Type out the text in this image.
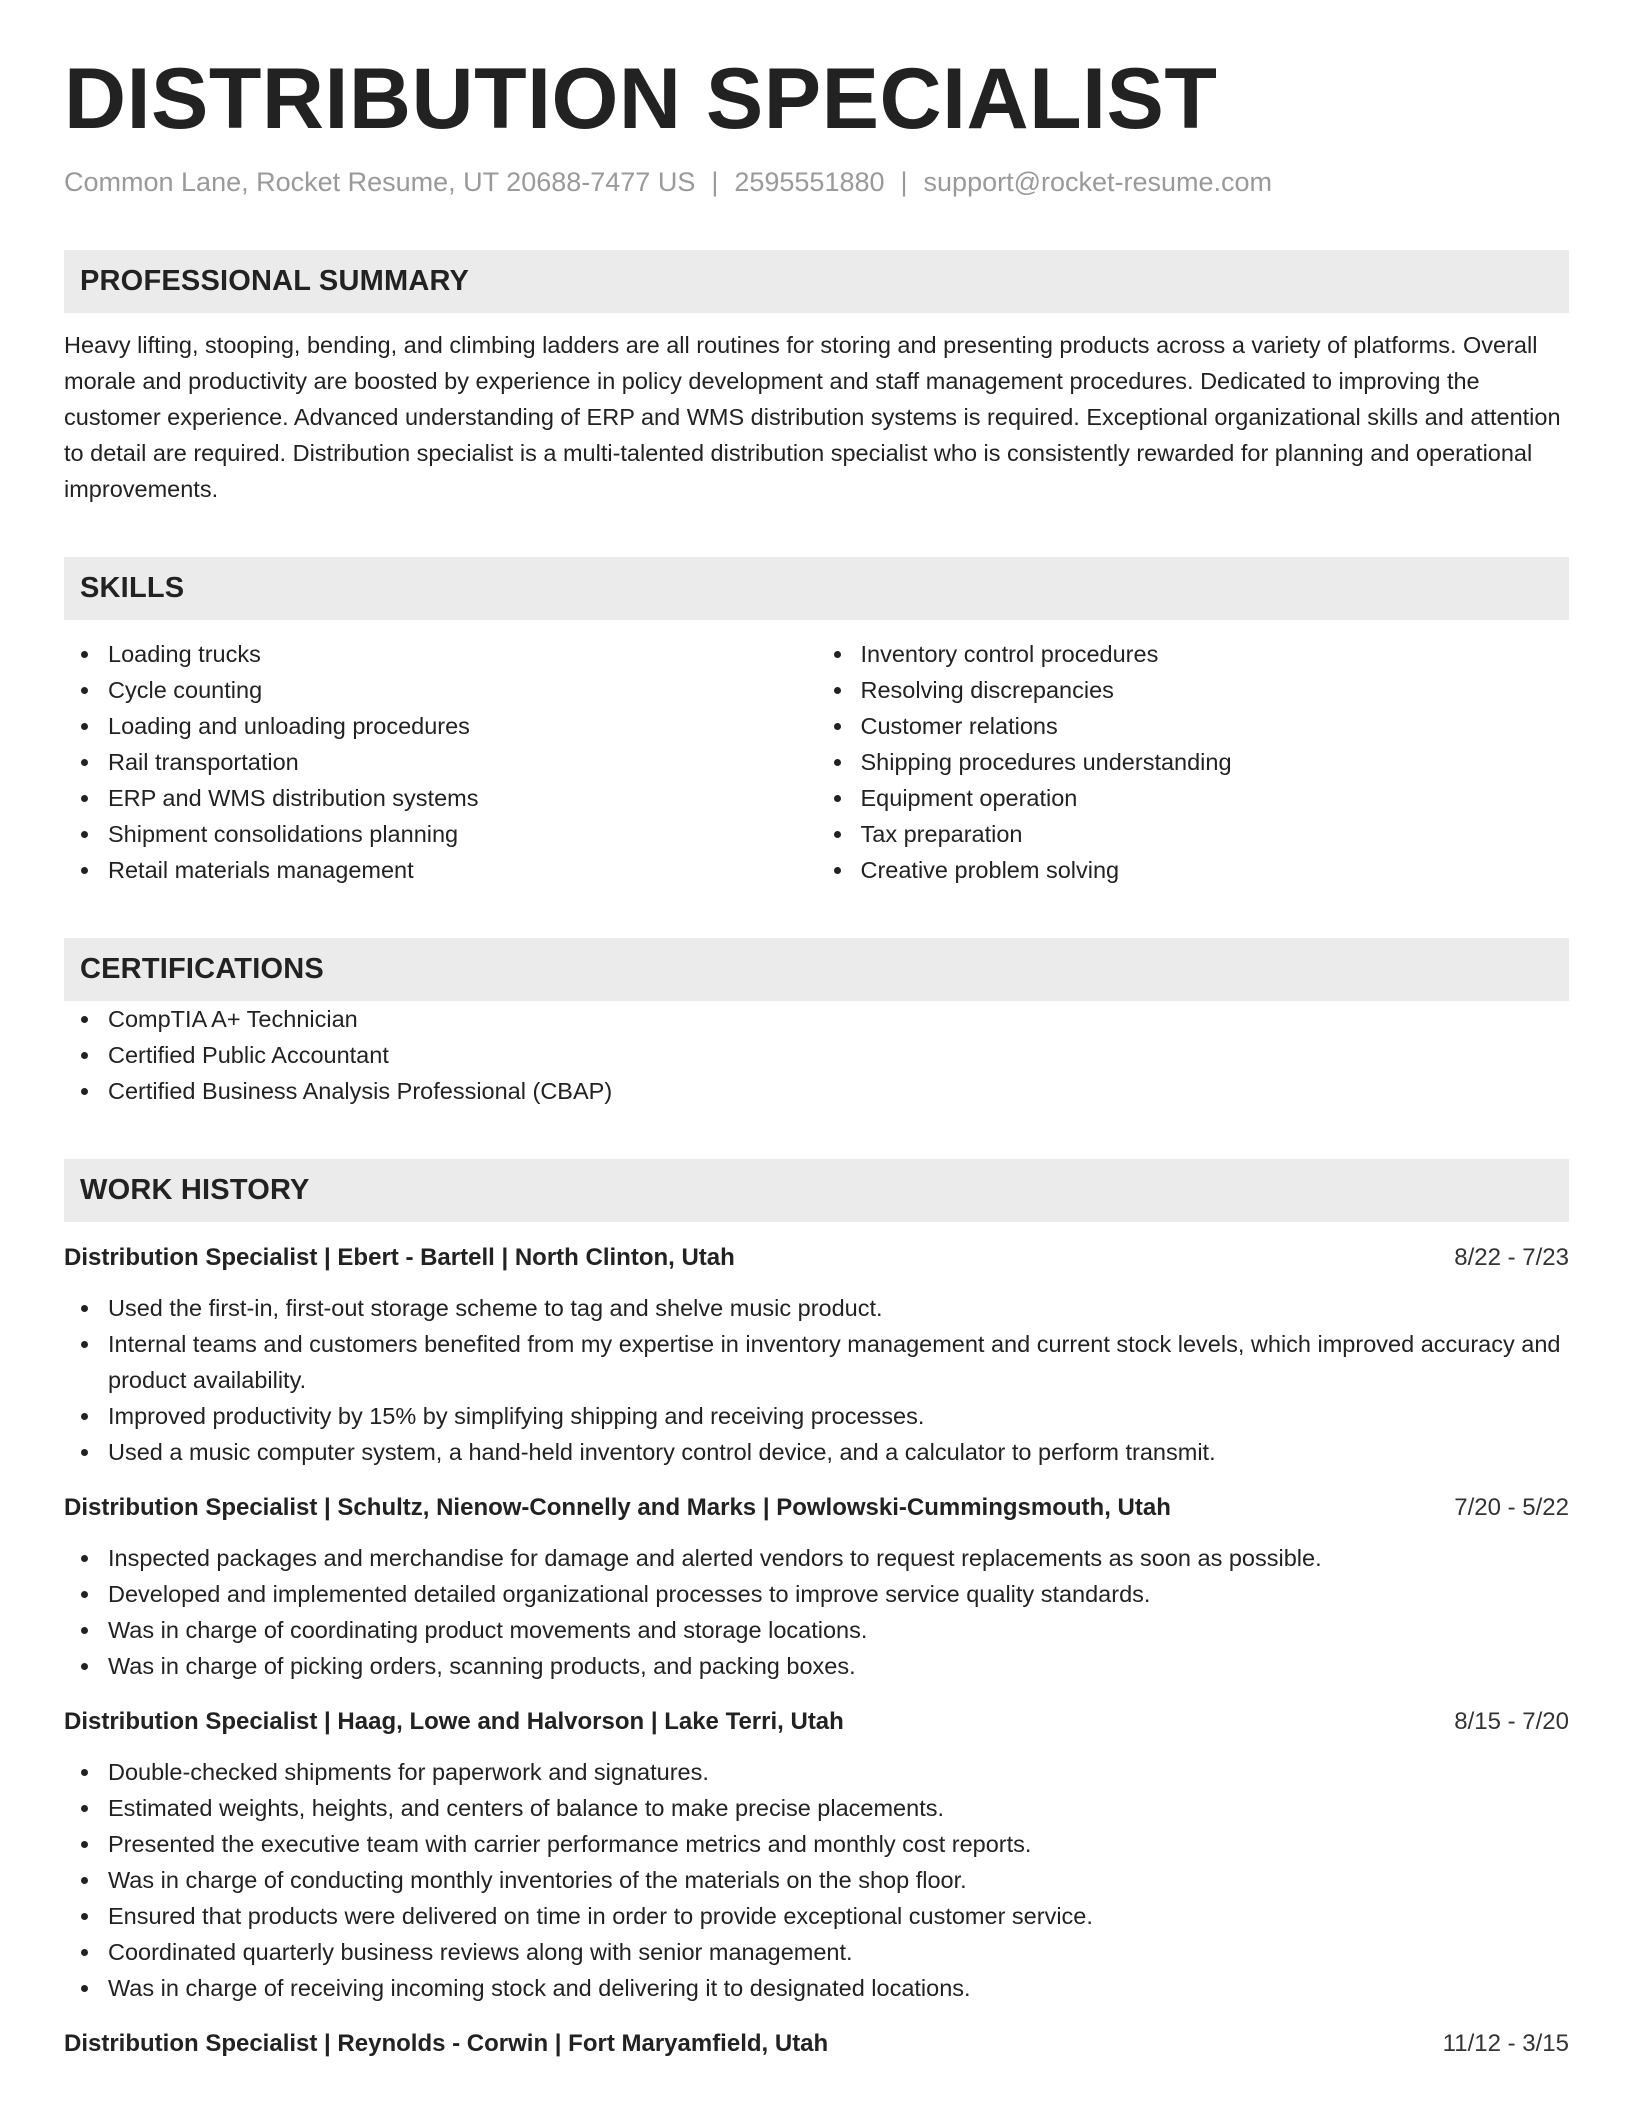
DISTRIBUTION SPECIALIST
Common Lane, Rocket Resume, UT 20688-7477 US | 2595551880 | support@rocket-resume.com
PROFESSIONAL SUMMARY
Heavy lifting, stooping, bending, and climbing ladders are all routines for storing and presenting products across a variety of platforms. Overall morale and productivity are boosted by experience in policy development and staff management procedures. Dedicated to improving the customer experience. Advanced understanding of ERP and WMS distribution systems is required. Exceptional organizational skills and attention to detail are required. Distribution specialist is a multi-talented distribution specialist who is consistently rewarded for planning and operational improvements.
SKILLS
Loading trucks
Cycle counting
Loading and unloading procedures
Rail transportation
ERP and WMS distribution systems
Shipment consolidations planning
Retail materials management
Inventory control procedures
Resolving discrepancies
Customer relations
Shipping procedures understanding
Equipment operation
Tax preparation
Creative problem solving
CERTIFICATIONS
CompTIA A+ Technician
Certified Public Accountant
Certified Business Analysis Professional (CBAP)
WORK HISTORY
Distribution Specialist | Ebert - Bartell | North Clinton, Utah	8/22 - 7/23
Used the first-in, first-out storage scheme to tag and shelve music product.
Internal teams and customers benefited from my expertise in inventory management and current stock levels, which improved accuracy and product availability.
Improved productivity by 15% by simplifying shipping and receiving processes.
Used a music computer system, a hand-held inventory control device, and a calculator to perform transmit.
Distribution Specialist | Schultz, Nienow-Connelly and Marks | Powlowski-Cummingsmouth, Utah	7/20 - 5/22
Inspected packages and merchandise for damage and alerted vendors to request replacements as soon as possible.
Developed and implemented detailed organizational processes to improve service quality standards.
Was in charge of coordinating product movements and storage locations.
Was in charge of picking orders, scanning products, and packing boxes.
Distribution Specialist | Haag, Lowe and Halvorson | Lake Terri, Utah	8/15 - 7/20
Double-checked shipments for paperwork and signatures.
Estimated weights, heights, and centers of balance to make precise placements.
Presented the executive team with carrier performance metrics and monthly cost reports.
Was in charge of conducting monthly inventories of the materials on the shop floor.
Ensured that products were delivered on time in order to provide exceptional customer service.
Coordinated quarterly business reviews along with senior management.
Was in charge of receiving incoming stock and delivering it to designated locations.
Distribution Specialist | Reynolds - Corwin | Fort Maryamfield, Utah	11/12 - 3/15
